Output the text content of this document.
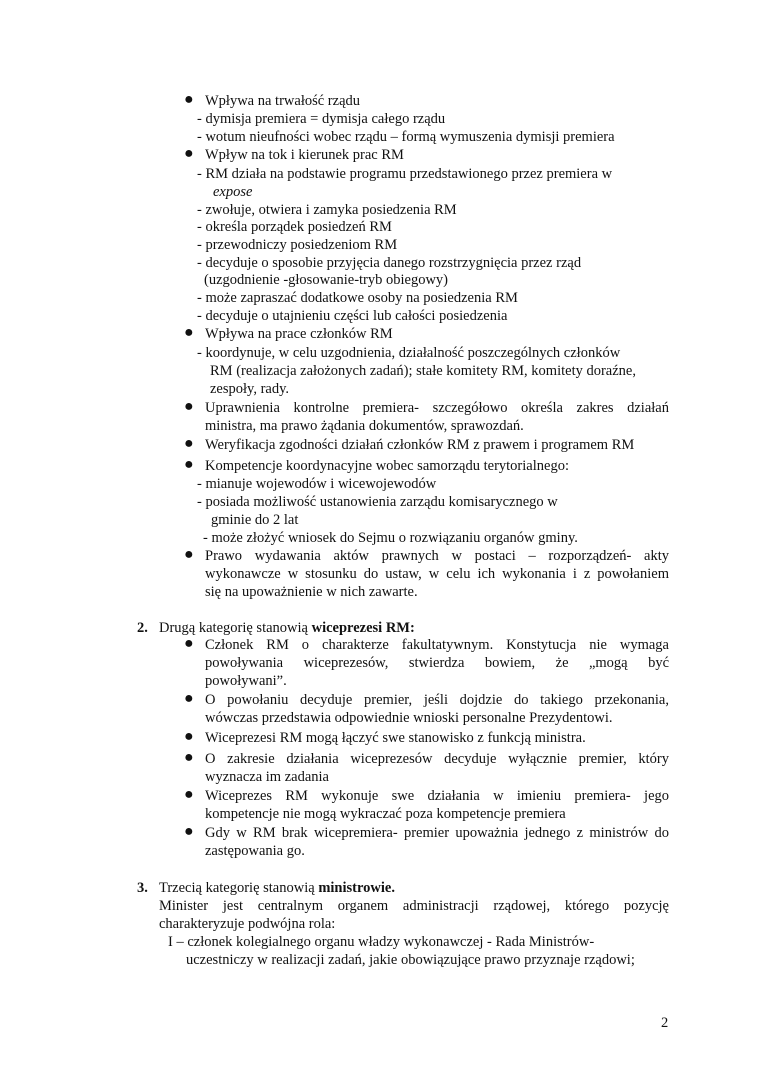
● Wpływa na trwałość rządu
- dymisja premiera = dymisja całego rządu
- wotum nieufności wobec rządu – formą wymuszenia dymisji premiera
● Wpływ na tok i kierunek prac RM
- RM działa na podstawie programu przedstawionego przez premiera w
expose
- zwołuje, otwiera i zamyka posiedzenia RM
- określa porządek posiedzeń RM
- przewodniczy posiedzeniom RM
- decyduje o sposobie przyjęcia danego rozstrzygnięcia przez rząd
(uzgodnienie -głosowanie-tryb obiegowy)
- może zapraszać dodatkowe osoby na posiedzenia RM
- decyduje o utajnieniu części lub całości posiedzenia
● Wpływa na prace członków RM
- koordynuje, w celu uzgodnienia, działalność poszczególnych członków
RM (realizacja założonych zadań); stałe komitety RM, komitety doraźne,
zespoły, rady.
● Uprawnienia kontrolne premiera- szczegółowo określa zakres działań
ministra, ma prawo żądania dokumentów, sprawozdań.
● Weryfikacja zgodności działań członków RM z prawem i programem RM
● Kompetencje koordynacyjne wobec samorządu terytorialnego:
- mianuje wojewodów i wicewojewodów
- posiada możliwość ustanowienia zarządu komisarycznego w
gminie do 2 lat
- może złożyć wniosek do Sejmu o rozwiązaniu organów gminy.
● Prawo wydawania aktów prawnych w postaci – rozporządzeń- akty
wykonawcze w stosunku do ustaw, w celu ich wykonania i z powołaniem
się na upoważnienie w nich zawarte.
2. Drugą kategorię stanowią wiceprezesi RM:
● Członek RM o charakterze fakultatywnym. Konstytucja nie wymaga
powoływania wiceprezesów, stwierdza bowiem, że „mogą być
powoływani”.
● O powołaniu decyduje premier, jeśli dojdzie do takiego przekonania,
wówczas przedstawia odpowiednie wnioski personalne Prezydentowi.
● Wiceprezesi RM mogą łączyć swe stanowisko z funkcją ministra.
● O zakresie działania wiceprezesów decyduje wyłącznie premier, który
wyznacza im zadania
● Wiceprezes RM wykonuje swe działania w imieniu premiera- jego
kompetencje nie mogą wykraczać poza kompetencje premiera
● Gdy w RM brak wicepremiera- premier upoważnia jednego z ministrów do
zastępowania go.
3. Trzecią kategorię stanowią ministrowie.
Minister jest centralnym organem administracji rządowej, którego pozycję
charakteryzuje podwójna rola:
I – członek kolegialnego organu władzy wykonawczej - Rada Ministrów-
uczestniczy w realizacji zadań, jakie obowiązujące prawo przyznaje rządowi;
2
